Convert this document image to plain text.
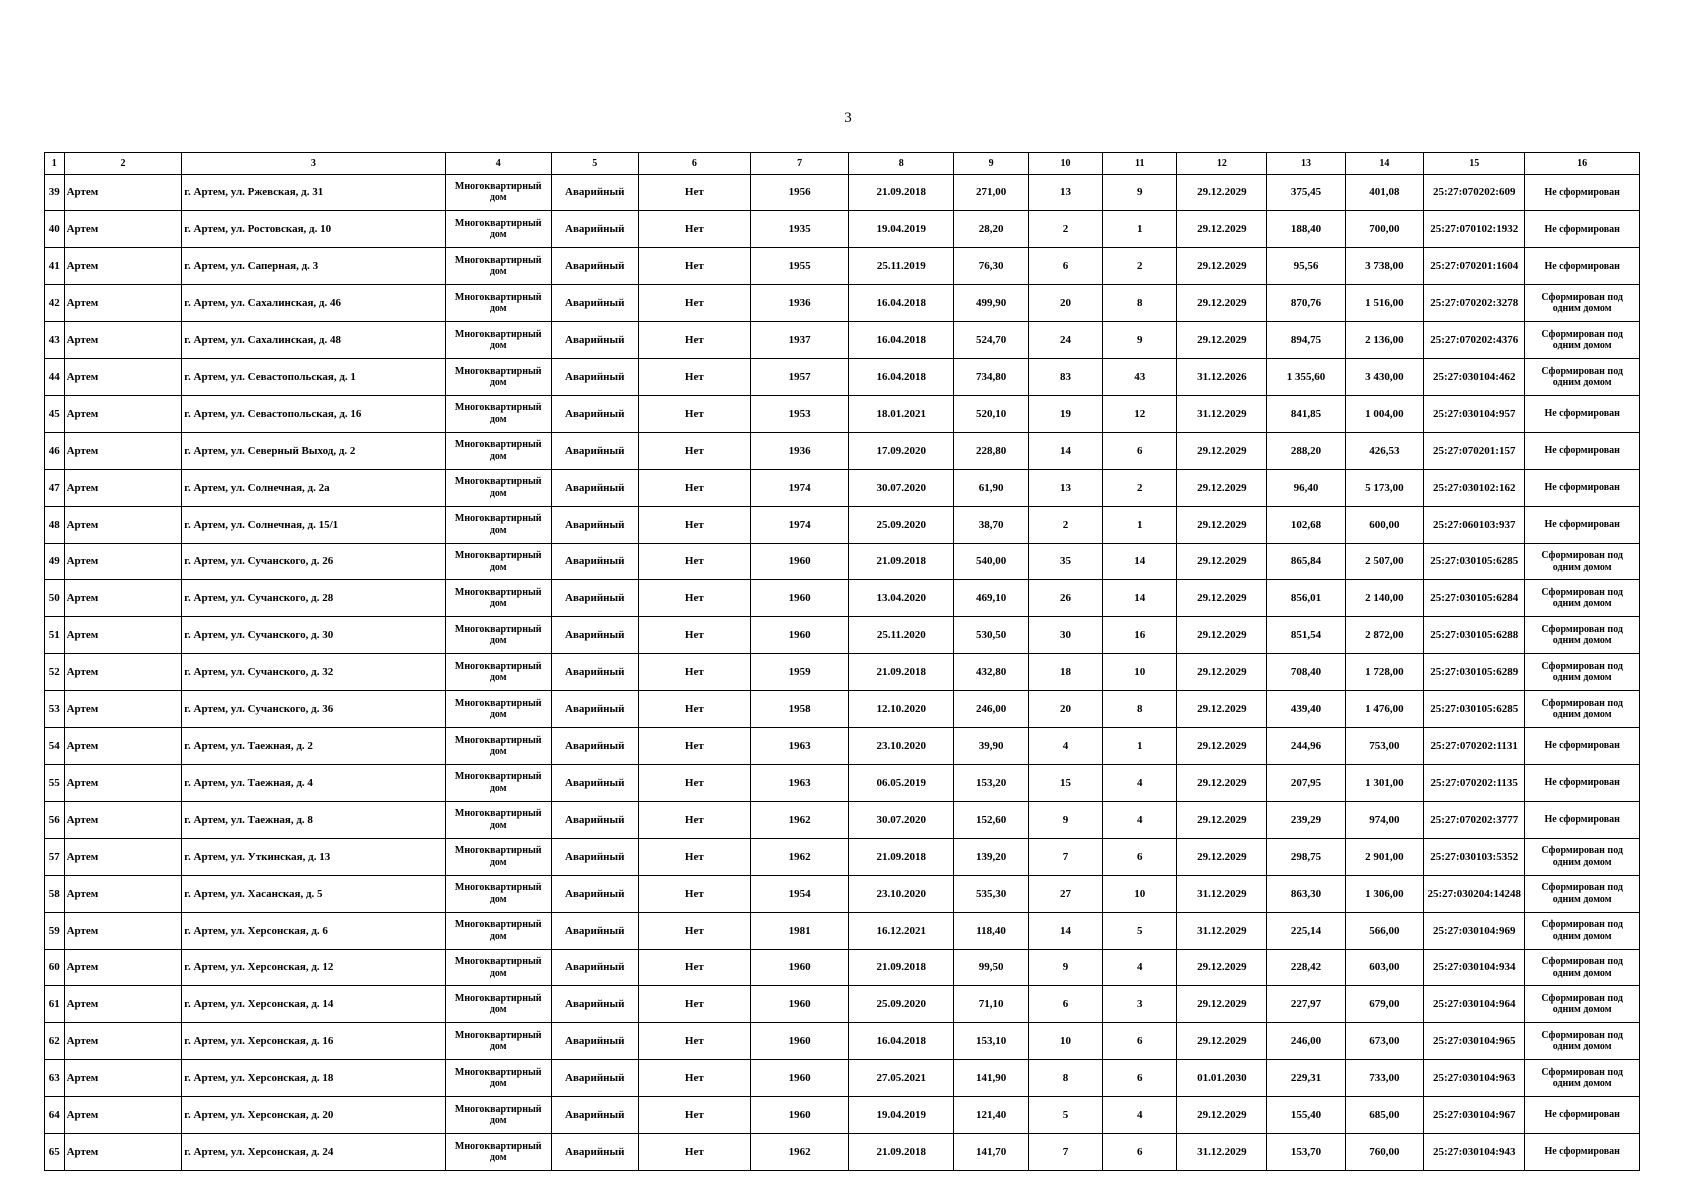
3
1	2	3	4	5	6	7	8	9	10	11	12	13	14	15	16
39	Артем	г. Артем, ул. Ржевская, д. 31	Многоквартирный дом	Аварийный	Нет	1956	21.09.2018	271,00	13	9	29.12.2029	375,45	401,08	25:27:070202:609	Не сформирован
40	Артем	г. Артем, ул. Ростовская, д. 10	Многоквартирный дом	Аварийный	Нет	1935	19.04.2019	28,20	2	1	29.12.2029	188,40	700,00	25:27:070102:1932	Не сформирован
41	Артем	г. Артем, ул. Саперная, д. 3	Многоквартирный дом	Аварийный	Нет	1955	25.11.2019	76,30	6	2	29.12.2029	95,56	3 738,00	25:27:070201:1604	Не сформирован
42	Артем	г. Артем, ул. Сахалинская, д. 46	Многоквартирный дом	Аварийный	Нет	1936	16.04.2018	499,90	20	8	29.12.2029	870,76	1 516,00	25:27:070202:3278	Сформирован под одним домом
43	Артем	г. Артем, ул. Сахалинская, д. 48	Многоквартирный дом	Аварийный	Нет	1937	16.04.2018	524,70	24	9	29.12.2029	894,75	2 136,00	25:27:070202:4376	Сформирован под одним домом
44	Артем	г. Артем, ул. Севастопольская, д. 1	Многоквартирный дом	Аварийный	Нет	1957	16.04.2018	734,80	83	43	31.12.2026	1 355,60	3 430,00	25:27:030104:462	Сформирован под одним домом
45	Артем	г. Артем, ул. Севастопольская, д. 16	Многоквартирный дом	Аварийный	Нет	1953	18.01.2021	520,10	19	12	31.12.2029	841,85	1 004,00	25:27:030104:957	Не сформирован
46	Артем	г. Артем, ул. Северный Выход, д. 2	Многоквартирный дом	Аварийный	Нет	1936	17.09.2020	228,80	14	6	29.12.2029	288,20	426,53	25:27:070201:157	Не сформирован
47	Артем	г. Артем, ул. Солнечная, д. 2а	Многоквартирный дом	Аварийный	Нет	1974	30.07.2020	61,90	13	2	29.12.2029	96,40	5 173,00	25:27:030102:162	Не сформирован
48	Артем	г. Артем, ул. Солнечная, д. 15/1	Многоквартирный дом	Аварийный	Нет	1974	25.09.2020	38,70	2	1	29.12.2029	102,68	600,00	25:27:060103:937	Не сформирован
49	Артем	г. Артем, ул. Сучанского, д. 26	Многоквартирный дом	Аварийный	Нет	1960	21.09.2018	540,00	35	14	29.12.2029	865,84	2 507,00	25:27:030105:6285	Сформирован под одним домом
50	Артем	г. Артем, ул. Сучанского, д. 28	Многоквартирный дом	Аварийный	Нет	1960	13.04.2020	469,10	26	14	29.12.2029	856,01	2 140,00	25:27:030105:6284	Сформирован под одним домом
51	Артем	г. Артем, ул. Сучанского, д. 30	Многоквартирный дом	Аварийный	Нет	1960	25.11.2020	530,50	30	16	29.12.2029	851,54	2 872,00	25:27:030105:6288	Сформирован под одним домом
52	Артем	г. Артем, ул. Сучанского, д. 32	Многоквартирный дом	Аварийный	Нет	1959	21.09.2018	432,80	18	10	29.12.2029	708,40	1 728,00	25:27:030105:6289	Сформирован под одним домом
53	Артем	г. Артем, ул. Сучанского, д. 36	Многоквартирный дом	Аварийный	Нет	1958	12.10.2020	246,00	20	8	29.12.2029	439,40	1 476,00	25:27:030105:6285	Сформирован под одним домом
54	Артем	г. Артем, ул. Таежная, д. 2	Многоквартирный дом	Аварийный	Нет	1963	23.10.2020	39,90	4	1	29.12.2029	244,96	753,00	25:27:070202:1131	Не сформирован
55	Артем	г. Артем, ул. Таежная, д. 4	Многоквартирный дом	Аварийный	Нет	1963	06.05.2019	153,20	15	4	29.12.2029	207,95	1 301,00	25:27:070202:1135	Не сформирован
56	Артем	г. Артем, ул. Таежная, д. 8	Многоквартирный дом	Аварийный	Нет	1962	30.07.2020	152,60	9	4	29.12.2029	239,29	974,00	25:27:070202:3777	Не сформирован
57	Артем	г. Артем, ул. Уткинская, д. 13	Многоквартирный дом	Аварийный	Нет	1962	21.09.2018	139,20	7	6	29.12.2029	298,75	2 901,00	25:27:030103:5352	Сформирован под одним домом
58	Артем	г. Артем, ул. Хасанская, д. 5	Многоквартирный дом	Аварийный	Нет	1954	23.10.2020	535,30	27	10	31.12.2029	863,30	1 306,00	25:27:030204:14248	Сформирован под одним домом
59	Артем	г. Артем, ул. Херсонская, д. 6	Многоквартирный дом	Аварийный	Нет	1981	16.12.2021	118,40	14	5	31.12.2029	225,14	566,00	25:27:030104:969	Сформирован под одним домом
60	Артем	г. Артем, ул. Херсонская, д. 12	Многоквартирный дом	Аварийный	Нет	1960	21.09.2018	99,50	9	4	29.12.2029	228,42	603,00	25:27:030104:934	Сформирован под одним домом
61	Артем	г. Артем, ул. Херсонская, д. 14	Многоквартирный дом	Аварийный	Нет	1960	25.09.2020	71,10	6	3	29.12.2029	227,97	679,00	25:27:030104:964	Сформирован под одним домом
62	Артем	г. Артем, ул. Херсонская, д. 16	Многоквартирный дом	Аварийный	Нет	1960	16.04.2018	153,10	10	6	29.12.2029	246,00	673,00	25:27:030104:965	Сформирован под одним домом
63	Артем	г. Артем, ул. Херсонская, д. 18	Многоквартирный дом	Аварийный	Нет	1960	27.05.2021	141,90	8	6	01.01.2030	229,31	733,00	25:27:030104:963	Сформирован под одним домом
64	Артем	г. Артем, ул. Херсонская, д. 20	Многоквартирный дом	Аварийный	Нет	1960	19.04.2019	121,40	5	4	29.12.2029	155,40	685,00	25:27:030104:967	Не сформирован
65	Артем	г. Артем, ул. Херсонская, д. 24	Многоквартирный дом	Аварийный	Нет	1962	21.09.2018	141,70	7	6	31.12.2029	153,70	760,00	25:27:030104:943	Не сформирован
